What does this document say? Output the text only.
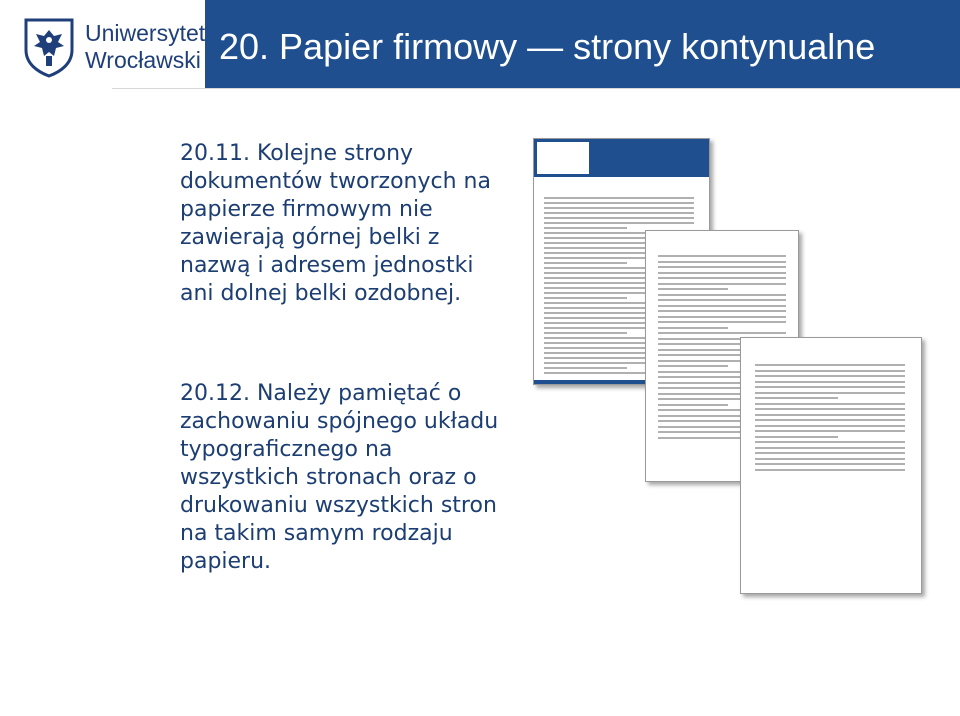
Uniwersytet
Wrocławski 20. Papier firmowy — strony kontynualne

20.11. Kolejne strony dokumentów tworzonych na papierze firmowym nie zawierają górnej belki z nazwą i adresem jednostki ani dolnej belki ozdobnej.

20.12. Należy pamiętać o zachowaniu spójnego układu typograficznego na wszystkich stronach oraz o drukowaniu wszystkich stron na takim samym rodzaju papieru.
